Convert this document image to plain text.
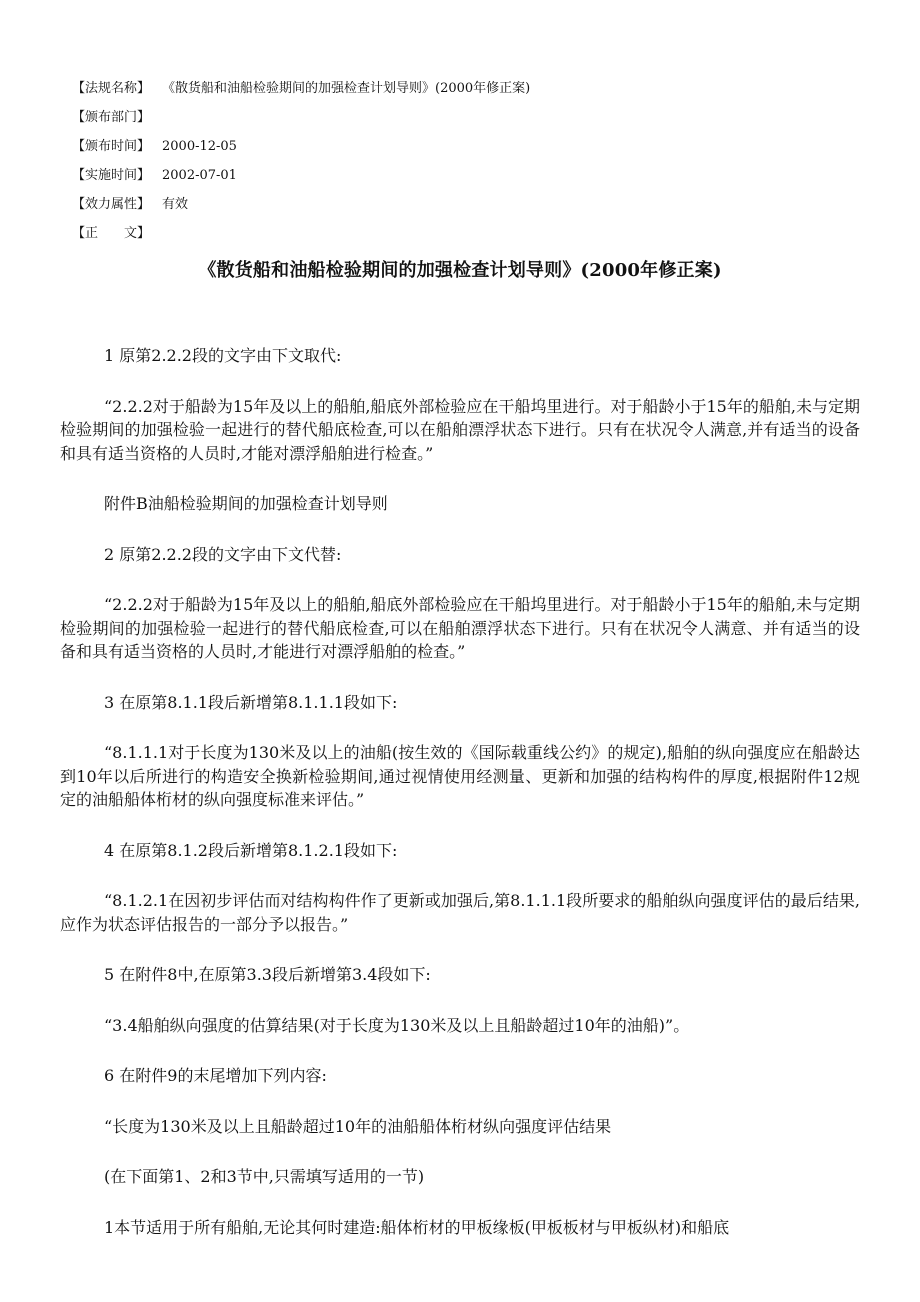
【法规名称】 《散货船和油船检验期间的加强检查计划导则》(2000年修正案)
【颁布部门】
【颁布时间】 2000-12-05
【实施时间】 2002-07-01
【效力属性】 有效
【正　　文】
《散货船和油船检验期间的加强检查计划导则》(2000年修正案)

1 原第2.2.2段的文字由下文取代:

“2.2.2对于船龄为15年及以上的船舶,船底外部检验应在干船坞里进行。对于船龄小于15年的船舶,未与定期检验期间的加强检验一起进行的替代船底检查,可以在船舶漂浮状态下进行。只有在状况令人满意,并有适当的设备和具有适当资格的人员时,才能对漂浮船舶进行检查。”

附件B油船检验期间的加强检查计划导则

2 原第2.2.2段的文字由下文代替:

“2.2.2对于船龄为15年及以上的船舶,船底外部检验应在干船坞里进行。对于船龄小于15年的船舶,未与定期检验期间的加强检验一起进行的替代船底检查,可以在船舶漂浮状态下进行。只有在状况令人满意、并有适当的设备和具有适当资格的人员时,才能进行对漂浮船舶的检查。”

3 在原第8.1.1段后新增第8.1.1.1段如下:

“8.1.1.1对于长度为130米及以上的油船(按生效的《国际载重线公约》的规定),船舶的纵向强度应在船龄达到10年以后所进行的构造安全换新检验期间,通过视情使用经测量、更新和加强的结构构件的厚度,根据附件12规定的油船船体桁材的纵向强度标准来评估。”

4 在原第8.1.2段后新增第8.1.2.1段如下:

“8.1.2.1在因初步评估而对结构构件作了更新或加强后,第8.1.1.1段所要求的船舶纵向强度评估的最后结果,应作为状态评估报告的一部分予以报告。”

5 在附件8中,在原第3.3段后新增第3.4段如下:

“3.4船舶纵向强度的估算结果(对于长度为130米及以上且船龄超过10年的油船)”。

6 在附件9的末尾增加下列内容:

“长度为130米及以上且船龄超过10年的油船船体桁材纵向强度评估结果

(在下面第1、2和3节中,只需填写适用的一节)

1本节适用于所有船舶,无论其何时建造:船体桁材的甲板缘板(甲板板材与甲板纵材)和船底
